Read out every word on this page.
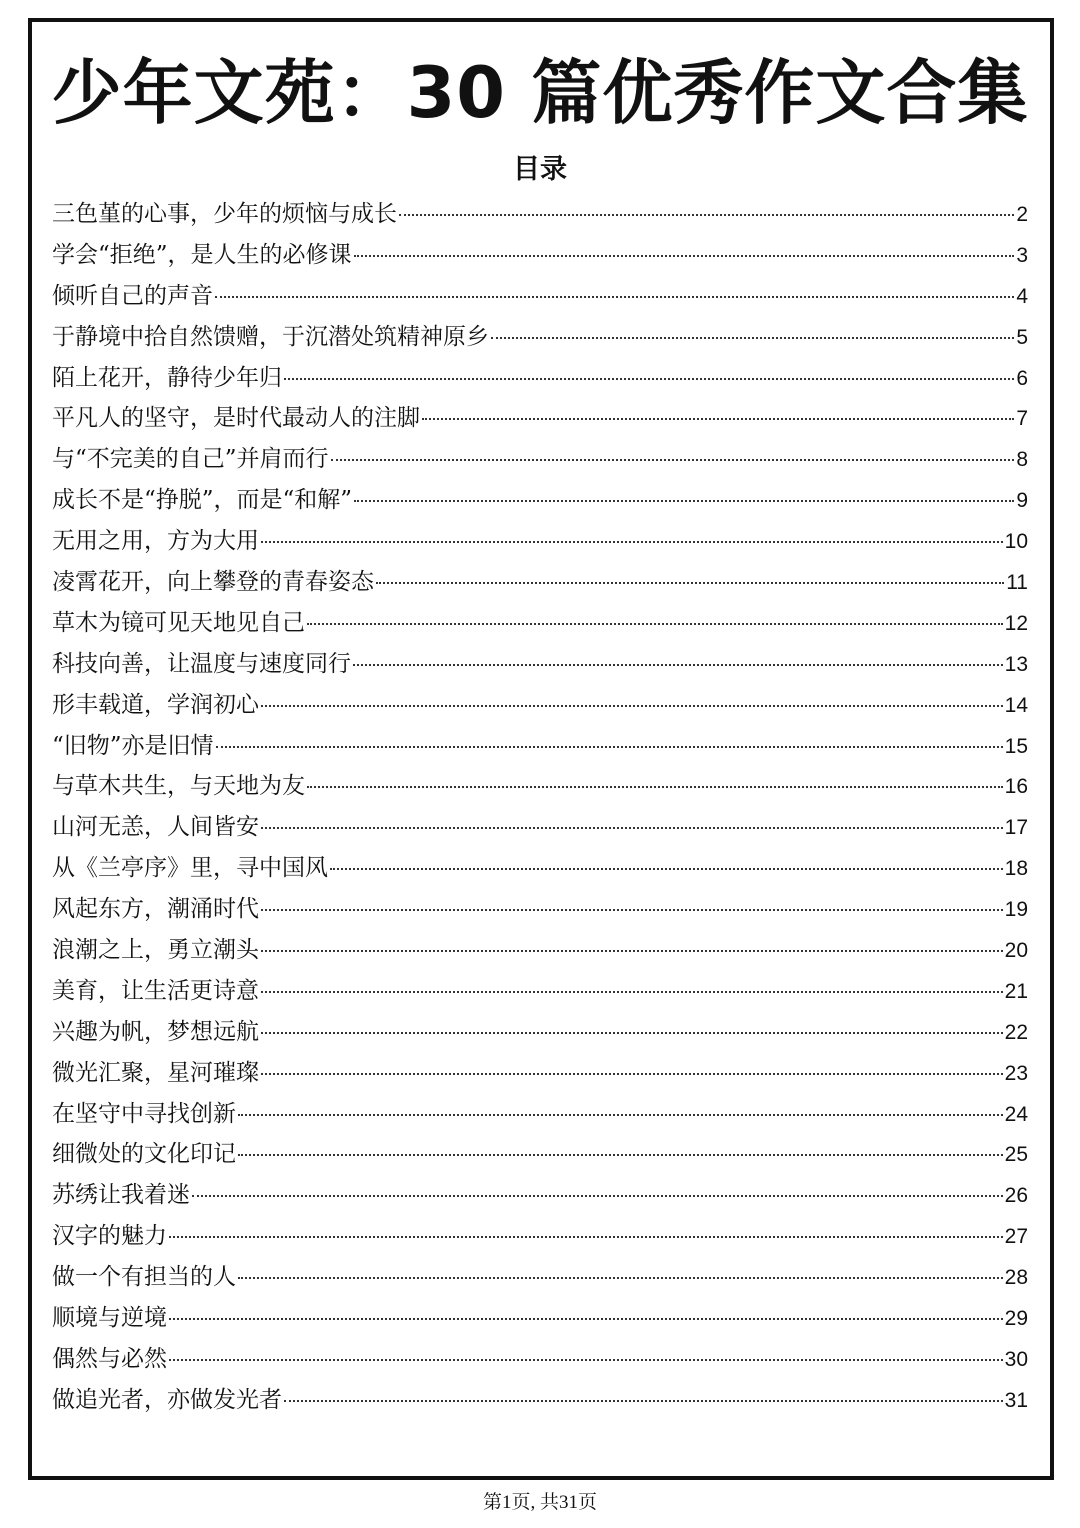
少年文苑：30 篇优秀作文合集
目录
三色堇的心事，少年的烦恼与成长	2
学会“拒绝”，是人生的必修课	3
倾听自己的声音	4
于静境中拾自然馈赠，于沉潜处筑精神原乡	5
陌上花开，静待少年归	6
平凡人的坚守，是时代最动人的注脚	7
与“不完美的自己”并肩而行	8
成长不是“挣脱”，而是“和解”	9
无用之用，方为大用	10
凌霄花开，向上攀登的青春姿态	11
草木为镜可见天地见自己	12
科技向善，让温度与速度同行	13
形丰载道，学润初心	14
“旧物”亦是旧情	15
与草木共生，与天地为友	16
山河无恙，人间皆安	17
从《兰亭序》里，寻中国风	18
风起东方，潮涌时代	19
浪潮之上，勇立潮头	20
美育，让生活更诗意	21
兴趣为帆，梦想远航	22
微光汇聚，星河璀璨	23
在坚守中寻找创新	24
细微处的文化印记	25
苏绣让我着迷	26
汉字的魅力	27
做一个有担当的人	28
顺境与逆境	29
偶然与必然	30
做追光者，亦做发光者	31
第1页, 共31页
